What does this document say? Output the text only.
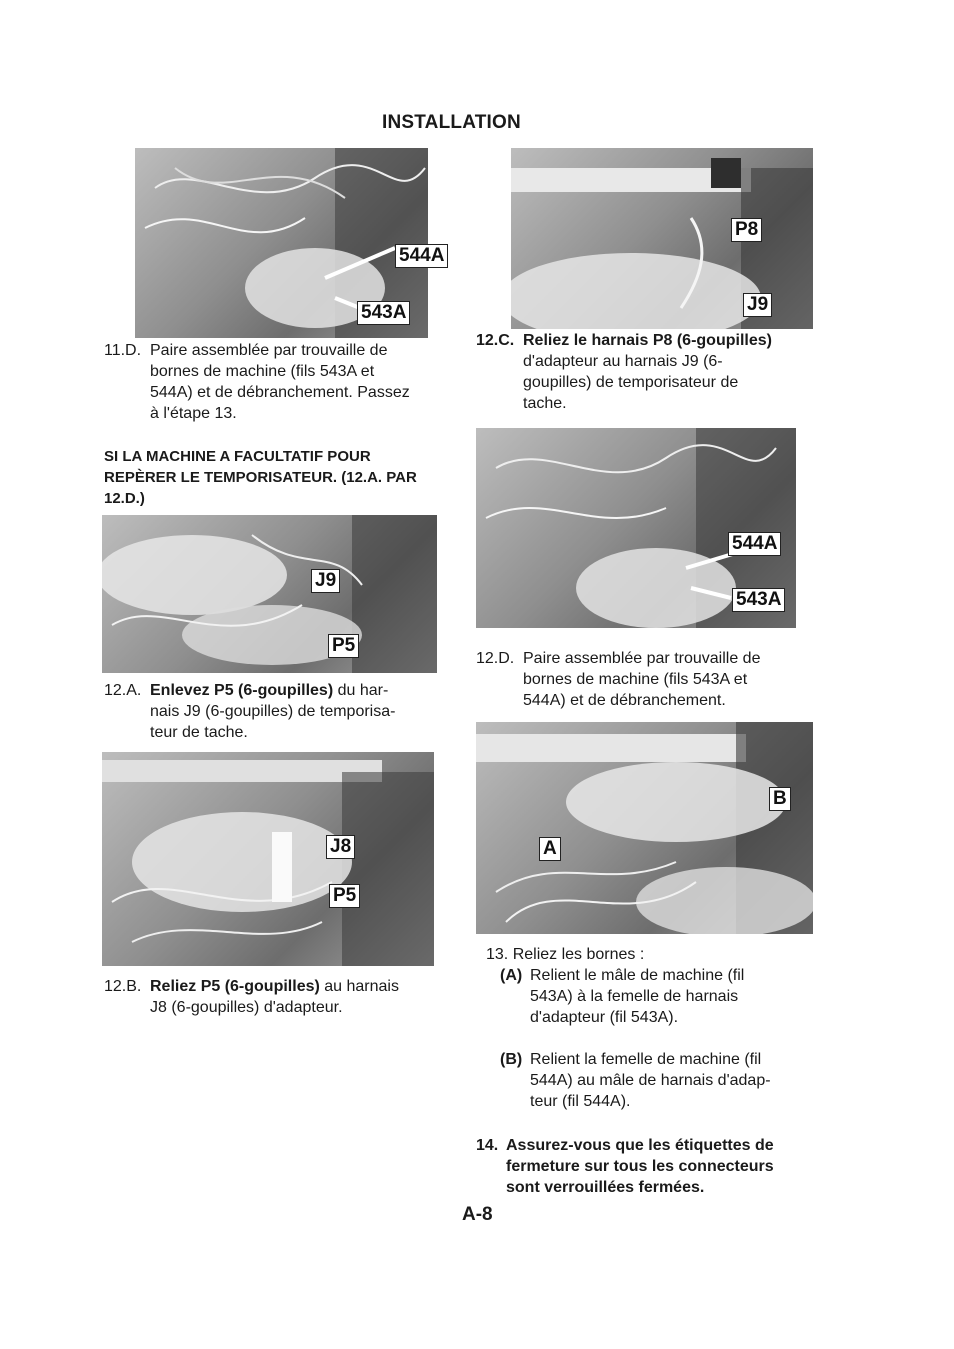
INSTALLATION
544A
543A
11.D. Paire assemblée par trouvaille de

bornes de machine (fils 543A et

544A) et de débranchement. Passez

à l'étape 13.

SI LA MACHINE A FACULTATIF POUR
REPÈRER LE TEMPORISATEUR. (12.A. PAR
12.D.)
J9
P5
12.A. Enlevez P5 (6-goupilles) du har-

nais J9 (6-goupilles) de temporisa-

teur de tache.

J8
P5
12.B. Reliez P5 (6-goupilles) au harnais

J8 (6-goupilles) d'adapteur.

P8
J9
12.C. Reliez le harnais P8 (6-goupilles)

d'adapteur au harnais J9 (6-

goupilles) de temporisateur de

tache.

544A
543A
12.D. Paire assemblée par trouvaille de

bornes de machine (fils 543A et

544A) et de débranchement.

B
A

13. Reliez les bornes :

(A) Relient le mâle de machine (fil

543A) à la femelle de harnais

d'adapteur (fil 543A).

(B) Relient la femelle de machine (fil

544A) au mâle de harnais d'adap-

teur (fil 544A).

14. Assurez-vous que les étiquettes de

fermeture sur tous les connecteurs

sont verrouillées fermées.

A-8
